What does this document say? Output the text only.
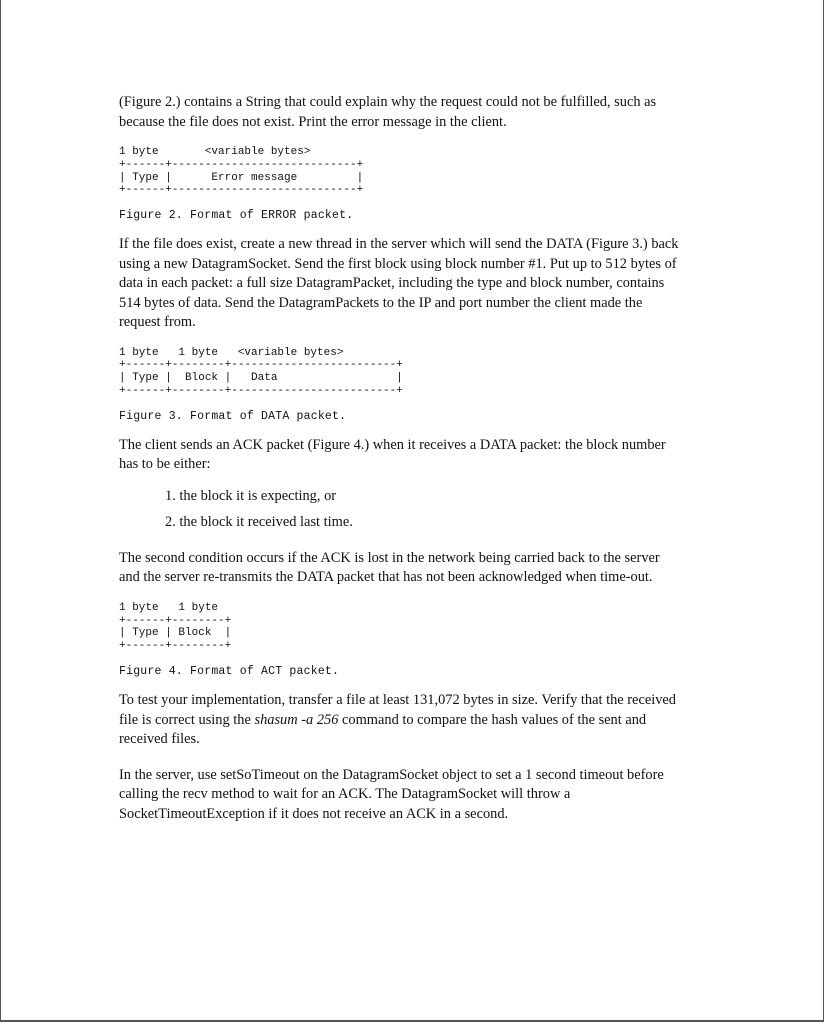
(Figure 2.) contains a String that could explain why the request could not be fulfilled, such as because the file does not exist. Print the error message in the client.

1 byte       <variable bytes>
+------+----------------------------+
| Type |      Error message         |
+------+----------------------------+

Figure 2. Format of ERROR packet.

If the file does exist, create a new thread in the server which will send the DATA (Figure 3.) back using a new DatagramSocket. Send the first block using block number #1. Put up to 512 bytes of data in each packet: a full size DatagramPacket, including the type and block number, contains 514 bytes of data. Send the DatagramPackets to the IP and port number the client made the request from.

1 byte   1 byte   <variable bytes>
+------+--------+-------------------------+
| Type |  Block |   Data                  |
+------+--------+-------------------------+

Figure 3. Format of DATA packet.

The client sends an ACK packet (Figure 4.) when it receives a DATA packet: the block number has to be either:

1. the block it is expecting, or
2. the block it received last time.

The second condition occurs if the ACK is lost in the network being carried back to the server and the server re-transmits the DATA packet that has not been acknowledged when time-out.

1 byte   1 byte
+------+--------+
| Type | Block  |
+------+--------+

Figure 4. Format of ACT packet.

To test your implementation, transfer a file at least 131,072 bytes in size. Verify that the received file is correct using the shasum -a 256 command to compare the hash values of the sent and received files.

In the server, use setSoTimeout on the DatagramSocket object to set a 1 second timeout before calling the recv method to wait for an ACK. The DatagramSocket will throw a SocketTimeoutException if it does not receive an ACK in a second.
